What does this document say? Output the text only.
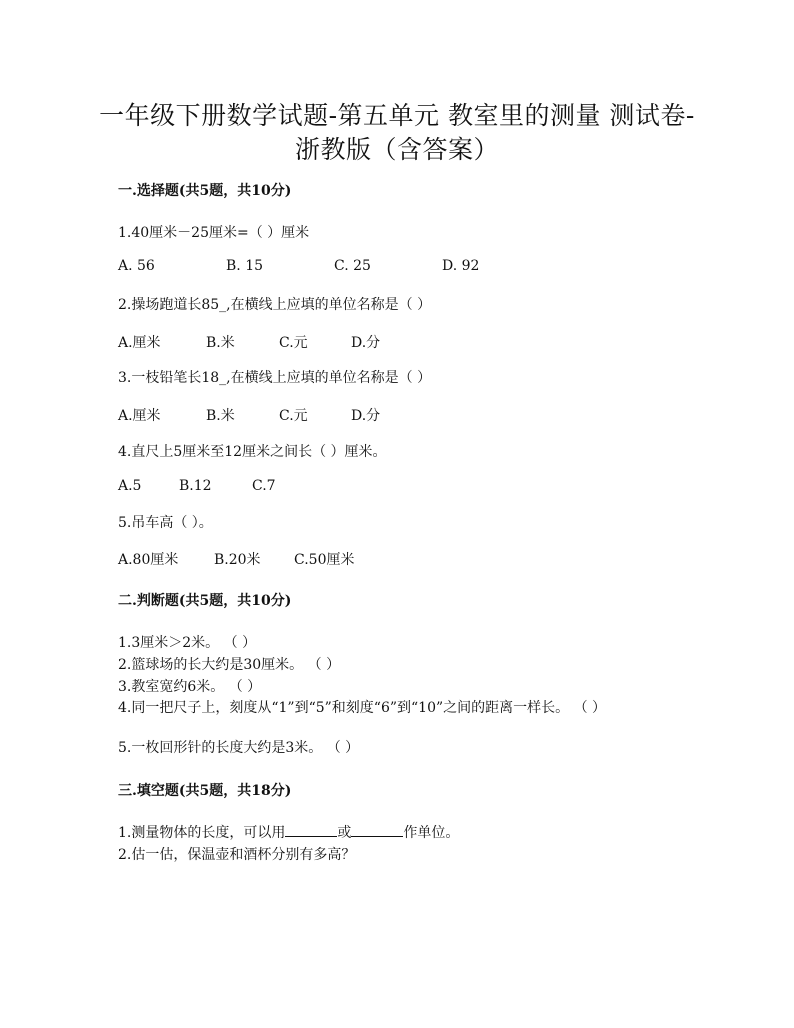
一年级下册数学试题-第五单元 教室里的测量 测试卷-
浙教版（含答案）
一.选择题(共5题，共10分)
1.40厘米－25厘米=（ ）厘米
A. 56	B. 15	C. 25	D. 92
2.操场跑道长85_,在横线上应填的单位名称是（ ）
A.厘米	B.米	C.元	D.分
3.一枝铅笔长18_,在横线上应填的单位名称是（ ）
A.厘米	B.米	C.元	D.分
4.直尺上5厘米至12厘米之间长（ ）厘米。
A.5	B.12	C.7
5.吊车高（ ）。
A.80厘米	B.20米 C.50厘米
二.判断题(共5题，共10分)
1.3厘米＞2米。 （ ）
2.篮球场的长大约是30厘米。 （ ）
3.教室宽约6米。 （ ）
4.同一把尺子上，刻度从“1”到“5”和刻度“6”到“10”之间的距离一样长。 （ ）
5.一枚回形针的长度大约是3米。 （ ）
三.填空题(共5题，共18分)
1.测量物体的长度，可以用	或	作单位。
2.估一估，保温壶和酒杯分别有多高？
